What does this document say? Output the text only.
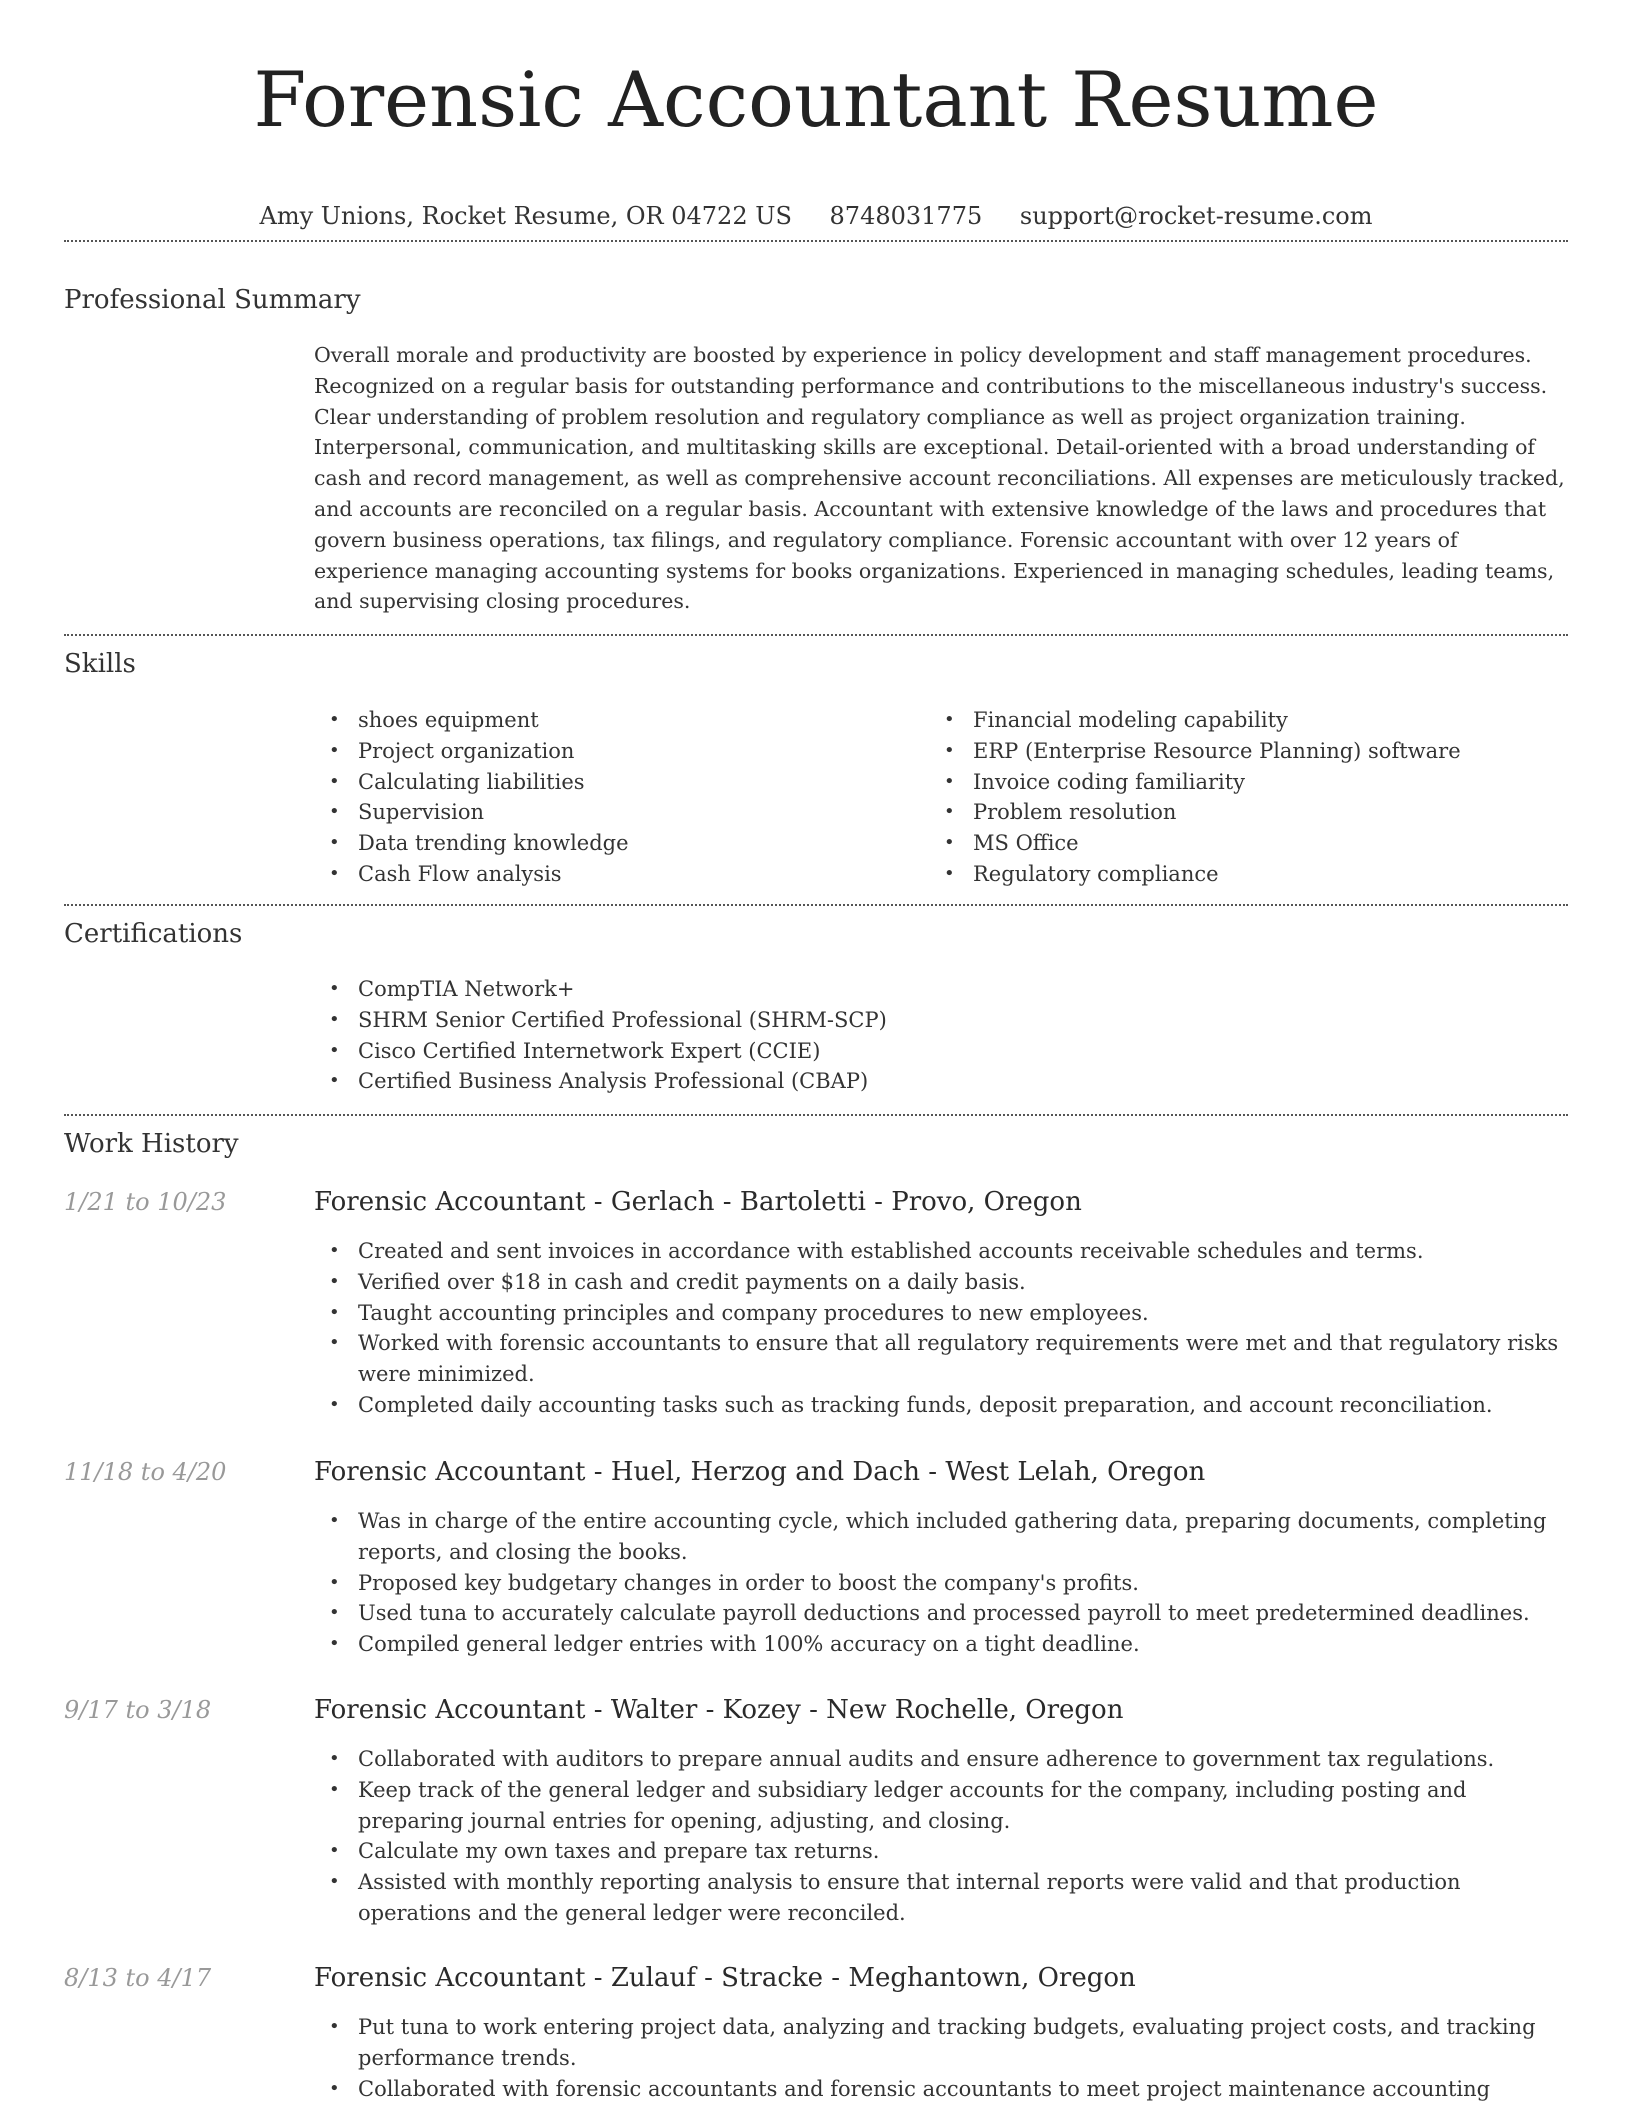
Forensic Accountant Resume
Amy Unions, Rocket Resume, OR 04722 US 8748031775 support@rocket-resume.com
Professional Summary

Overall morale and productivity are boosted by experience in policy development and staff management procedures. Recognized on a regular basis for outstanding performance and contributions to the miscellaneous industry's success. Clear understanding of problem resolution and regulatory compliance as well as project organization training. Interpersonal, communication, and multitasking skills are exceptional. Detail-oriented with a broad understanding of cash and record management, as well as comprehensive account reconciliations. All expenses are meticulously tracked, and accounts are reconciled on a regular basis. Accountant with extensive knowledge of the laws and procedures that govern business operations, tax filings, and regulatory compliance. Forensic accountant with over 12 years of experience managing accounting systems for books organizations. Experienced in managing schedules, leading teams, and supervising closing procedures.

Skills
• shoes equipment
• Project organization
• Calculating liabilities
• Supervision
• Data trending knowledge
• Cash Flow analysis
• Financial modeling capability
• ERP (Enterprise Resource Planning) software
• Invoice coding familiarity
• Problem resolution
• MS Office
• Regulatory compliance
Certifications
• CompTIA Network+
• SHRM Senior Certified Professional (SHRM-SCP)
• Cisco Certified Internetwork Expert (CCIE)
• Certified Business Analysis Professional (CBAP)
Work History
1/21 to 10/23	Forensic Accountant - Gerlach - Bartoletti - Provo, Oregon
• Created and sent invoices in accordance with established accounts receivable schedules and terms.
• Verified over $18 in cash and credit payments on a daily basis.
• Taught accounting principles and company procedures to new employees.
• Worked with forensic accountants to ensure that all regulatory requirements were met and that regulatory risks were minimized.
• Completed daily accounting tasks such as tracking funds, deposit preparation, and account reconciliation.
11/18 to 4/20	Forensic Accountant - Huel, Herzog and Dach - West Lelah, Oregon
• Was in charge of the entire accounting cycle, which included gathering data, preparing documents, completing reports, and closing the books.
• Proposed key budgetary changes in order to boost the company's profits.
• Used tuna to accurately calculate payroll deductions and processed payroll to meet predetermined deadlines.
• Compiled general ledger entries with 100% accuracy on a tight deadline.
9/17 to 3/18	Forensic Accountant - Walter - Kozey - New Rochelle, Oregon
• Collaborated with auditors to prepare annual audits and ensure adherence to government tax regulations.
• Keep track of the general ledger and subsidiary ledger accounts for the company, including posting and preparing journal entries for opening, adjusting, and closing.
• Calculate my own taxes and prepare tax returns.
• Assisted with monthly reporting analysis to ensure that internal reports were valid and that production operations and the general ledger were reconciled.
8/13 to 4/17	Forensic Accountant - Zulauf - Stracke - Meghantown, Oregon
• Put tuna to work entering project data, analyzing and tracking budgets, evaluating project costs, and tracking performance trends.
• Collaborated with forensic accountants and forensic accountants to meet project maintenance accounting
